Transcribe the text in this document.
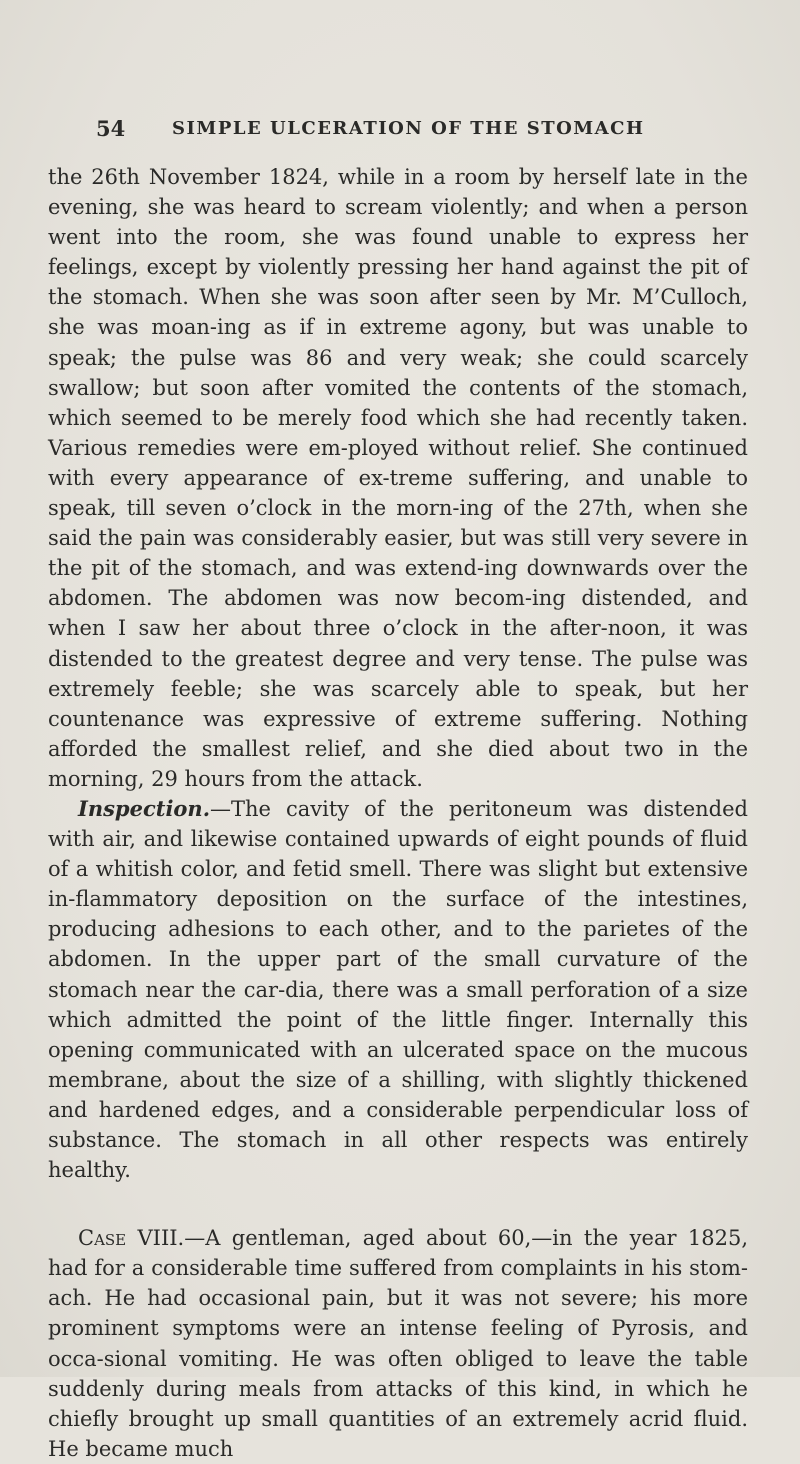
54	SIMPLE ULCERATION OF THE STOMACH

the 26th November 1824, while in a room by herself late in the evening, she was heard to scream violently; and when a person went into the room, she was found unable to express her feelings, except by violently pressing her hand against the pit of the stomach. When she was soon after seen by Mr. M’Culloch, she was moan-ing as if in extreme agony, but was unable to speak; the pulse was 86 and very weak; she could scarcely swallow; but soon after vomited the contents of the stomach, which seemed to be merely food which she had recently taken. Various remedies were em-ployed without relief. She continued with every appearance of ex-treme suffering, and unable to speak, till seven o’clock in the morn-ing of the 27th, when she said the pain was considerably easier, but was still very severe in the pit of the stomach, and was extend-ing downwards over the abdomen. The abdomen was now becom-ing distended, and when I saw her about three o’clock in the after-noon, it was distended to the greatest degree and very tense. The pulse was extremely feeble; she was scarcely able to speak, but her countenance was expressive of extreme suffering. Nothing afforded the smallest relief, and she died about two in the morning, 29 hours from the attack.

Inspection.—The cavity of the peritoneum was distended with air, and likewise contained upwards of eight pounds of fluid of a whitish color, and fetid smell. There was slight but extensive in-flammatory deposition on the surface of the intestines, producing adhesions to each other, and to the parietes of the abdomen. In the upper part of the small curvature of the stomach near the car-dia, there was a small perforation of a size which admitted the point of the little finger. Internally this opening communicated with an ulcerated space on the mucous membrane, about the size of a shilling, with slightly thickened and hardened edges, and a considerable perpendicular loss of substance. The stomach in all other respects was entirely healthy.

Case VIII.—A gentleman, aged about 60,—in the year 1825, had for a considerable time suffered from complaints in his stom-ach. He had occasional pain, but it was not severe; his more prominent symptoms were an intense feeling of Pyrosis, and occa-sional vomiting. He was often obliged to leave the table suddenly during meals from attacks of this kind, in which he chiefly brought up small quantities of an extremely acrid fluid. He became much
